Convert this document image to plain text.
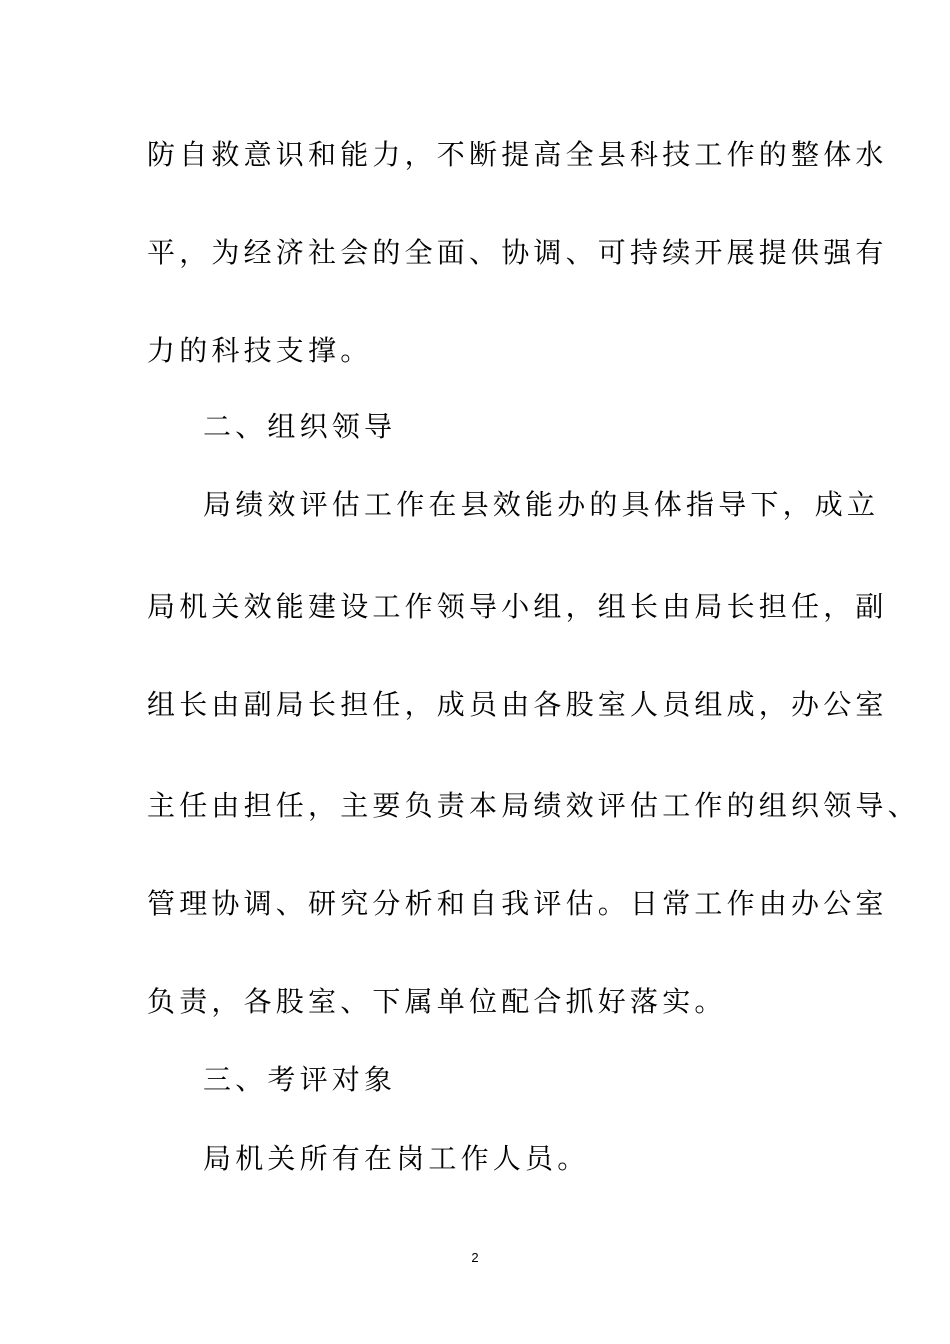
防自救意识和能力，不断提高全县科技工作的整体水
平，为经济社会的全面、协调、可持续开展提供强有
力的科技支撑。
二、组织领导
局绩效评估工作在县效能办的具体指导下，成立
局机关效能建设工作领导小组，组长由局长担任，副
组长由副局长担任，成员由各股室人员组成，办公室
主任由担任，主要负责本局绩效评估工作的组织领导、
管理协调、研究分析和自我评估。日常工作由办公室
负责，各股室、下属单位配合抓好落实。
三、考评对象
局机关所有在岗工作人员。
2
